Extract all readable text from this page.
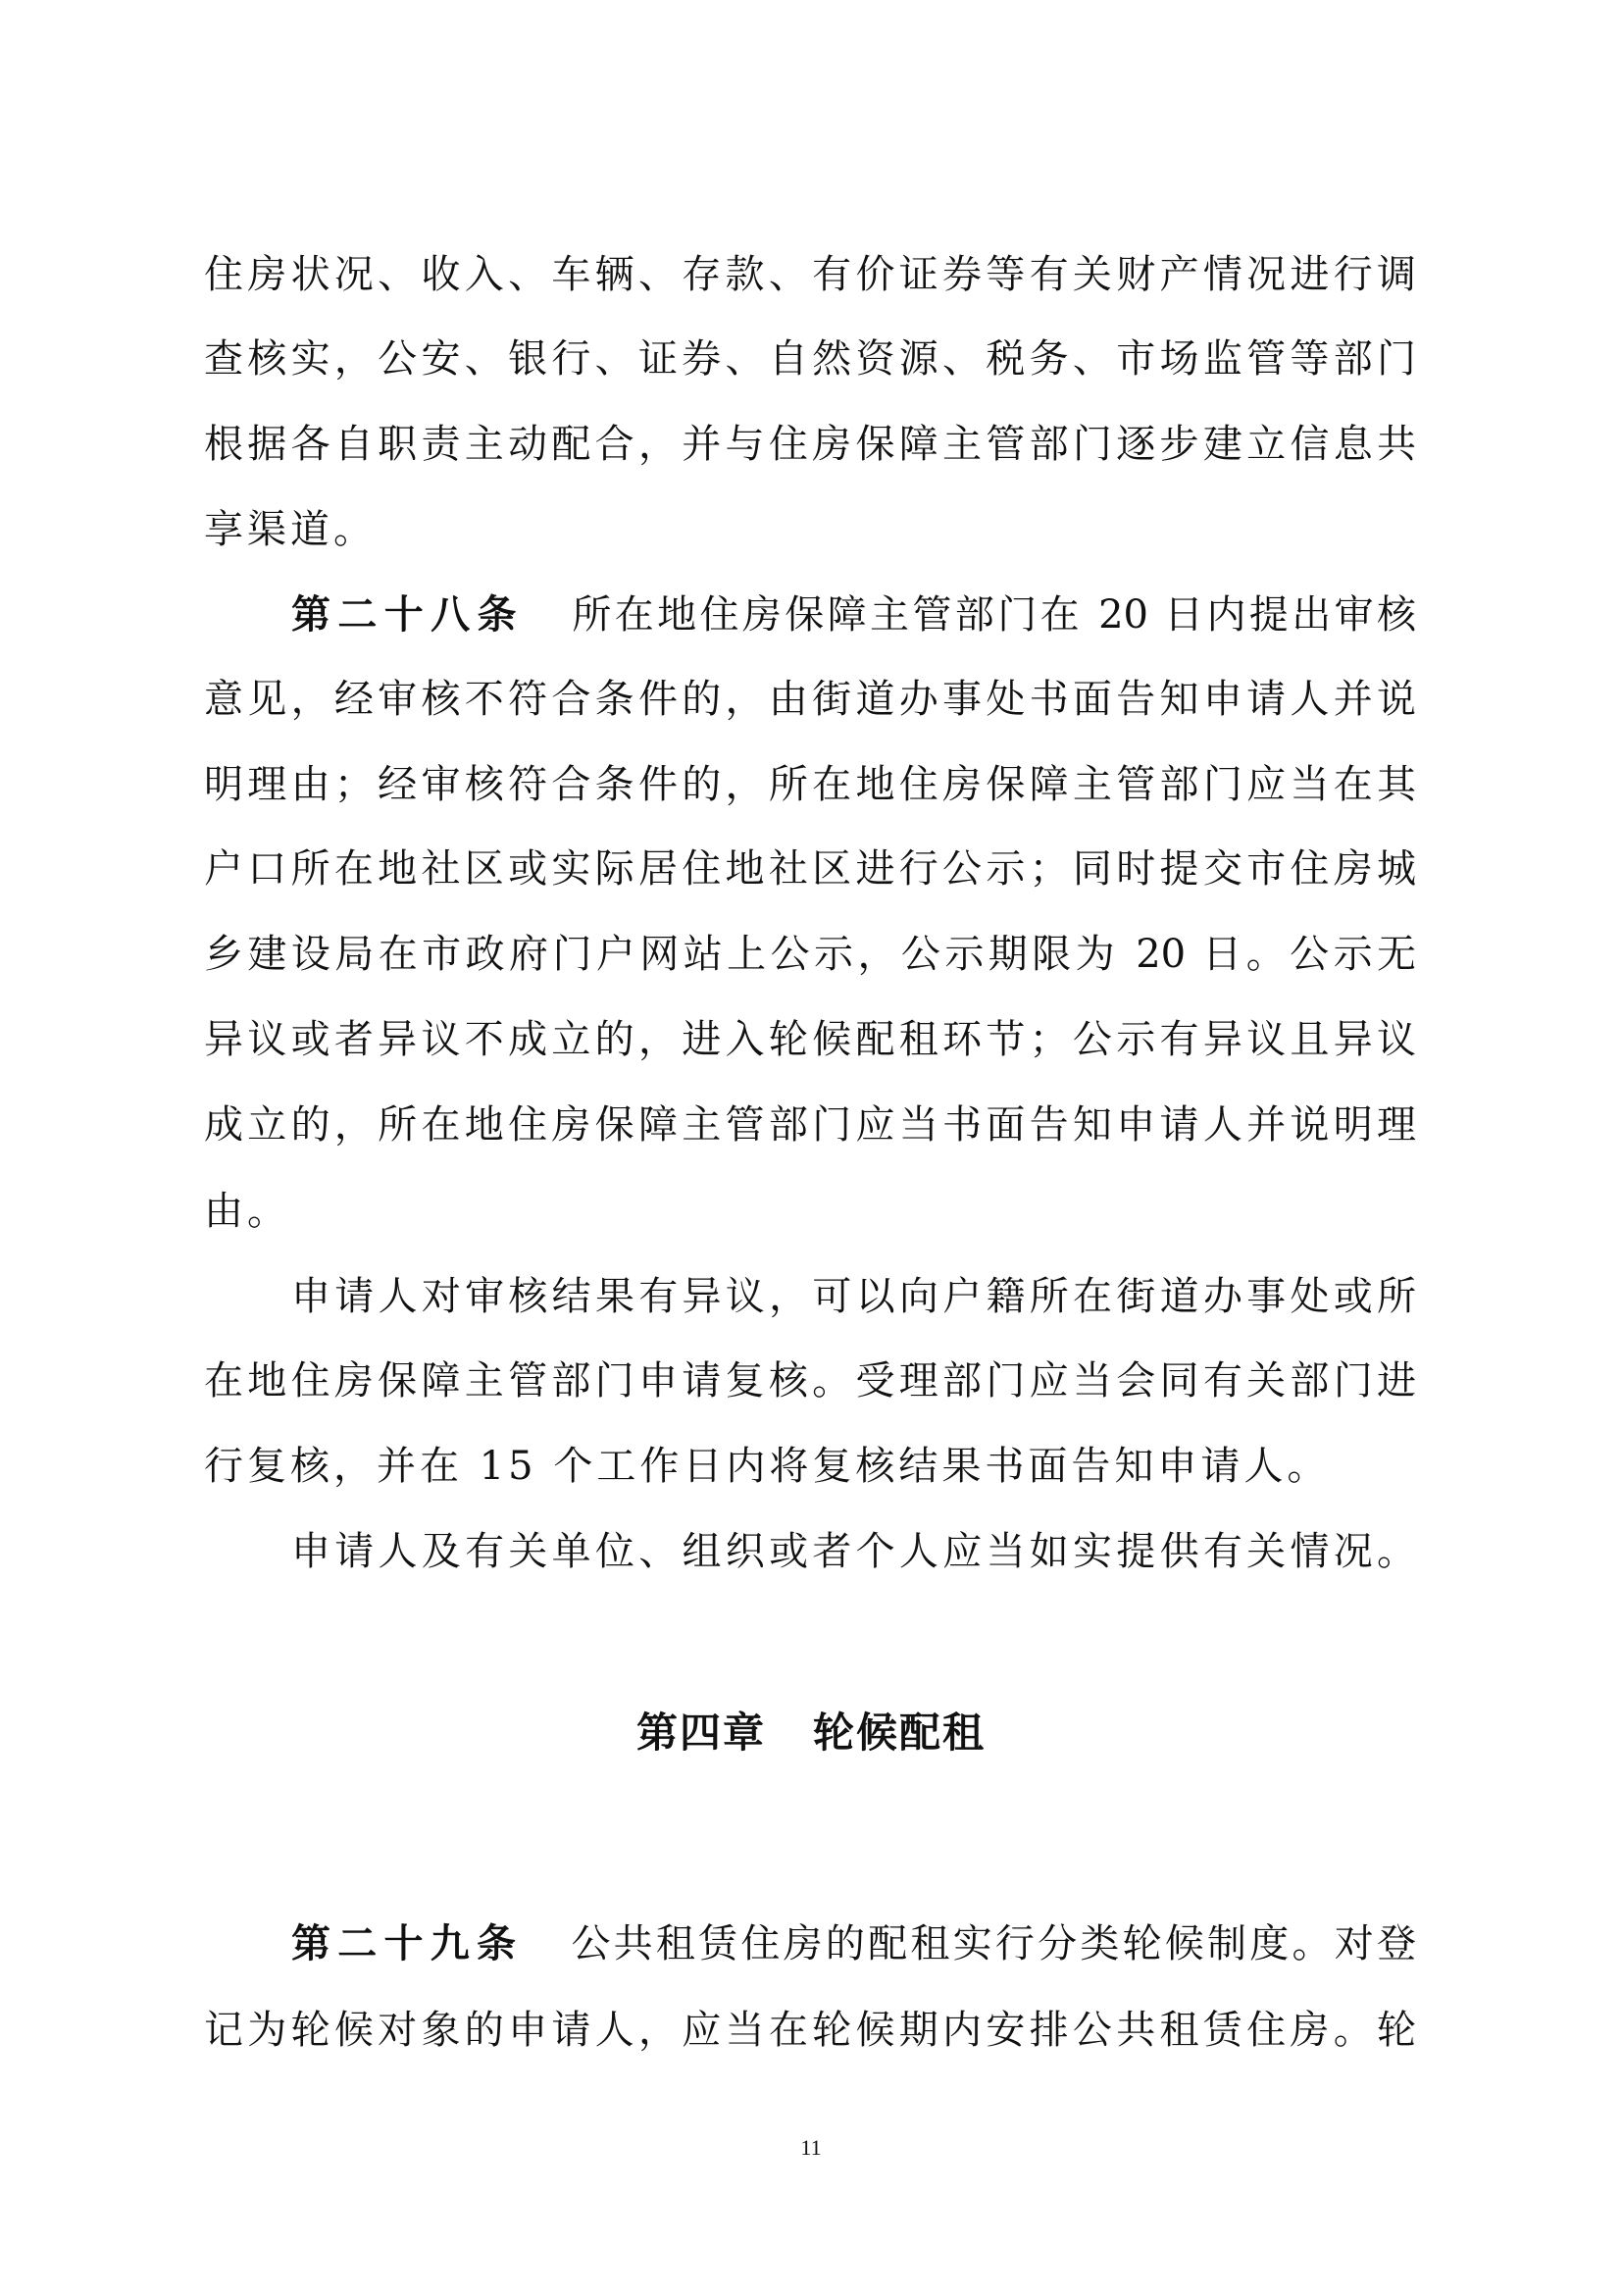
住房状况、收入、车辆、存款、有价证券等有关财产情况进行调
查核实，公安、银行、证券、自然资源、税务、市场监管等部门
根据各自职责主动配合，并与住房保障主管部门逐步建立信息共
享渠道。
第二十八条 所在地住房保障主管部门在 20 日内提出审核
意见，经审核不符合条件的，由街道办事处书面告知申请人并说
明理由；经审核符合条件的，所在地住房保障主管部门应当在其
户口所在地社区或实际居住地社区进行公示；同时提交市住房城
乡建设局在市政府门户网站上公示，公示期限为 20 日。公示无
异议或者异议不成立的，进入轮候配租环节；公示有异议且异议
成立的，所在地住房保障主管部门应当书面告知申请人并说明理
由。
申请人对审核结果有异议，可以向户籍所在街道办事处或所
在地住房保障主管部门申请复核。受理部门应当会同有关部门进
行复核，并在 15 个工作日内将复核结果书面告知申请人。
申请人及有关单位、组织或者个人应当如实提供有关情况。
第四章 轮候配租
第二十九条 公共租赁住房的配租实行分类轮候制度。对登
记为轮候对象的申请人，应当在轮候期内安排公共租赁住房。轮
11
